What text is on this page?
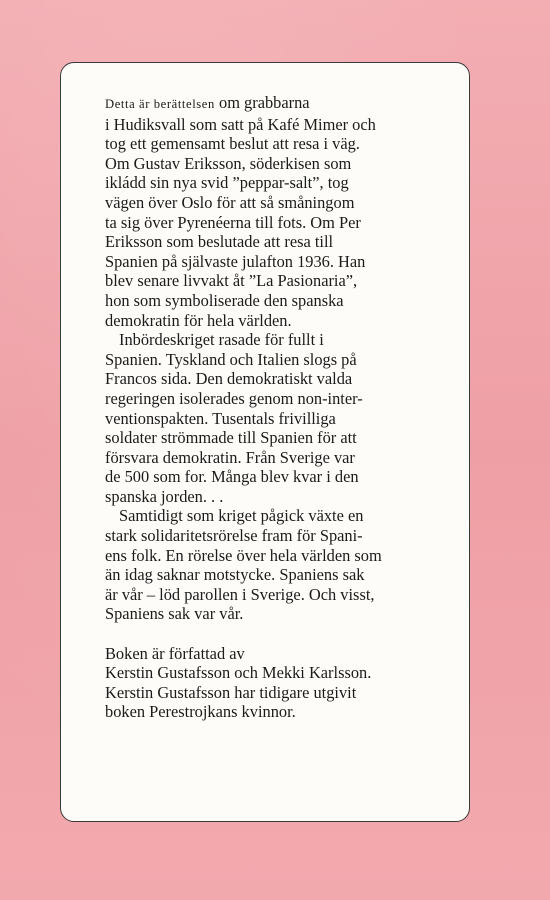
Detta är berättelsen om grabbarna
i Hudiksvall som satt på Kafé Mimer och
tog ett gemensamt beslut att resa i väg.
Om Gustav Eriksson, söderkisen som
ikládd sin nya svid ”peppar-salt”, tog
vägen över Oslo för att så småningom
ta sig över Pyrenéerna till fots. Om Per
Eriksson som beslutade att resa till
Spanien på självaste julafton 1936. Han
blev senare livvakt åt ”La Pasionaria”,
hon som symboliserade den spanska
demokratin för hela världen.
Inbördeskriget rasade för fullt i
Spanien. Tyskland och Italien slogs på
Francos sida. Den demokratiskt valda
regeringen isolerades genom non-inter-
ventionspakten. Tusentals frivilliga
soldater strömmade till Spanien för att
försvara demokratin. Från Sverige var
de 500 som for. Många blev kvar i den
spanska jorden. . .
Samtidigt som kriget pågick växte en
stark solidaritetsrörelse fram för Spani-
ens folk. En rörelse över hela världen som
än idag saknar motstycke. Spaniens sak
är vår – löd parollen i Sverige. Och visst,
Spaniens sak var vår.
Boken är författad av
Kerstin Gustafsson och Mekki Karlsson.
Kerstin Gustafsson har tidigare utgivit
boken Perestrojkans kvinnor.
